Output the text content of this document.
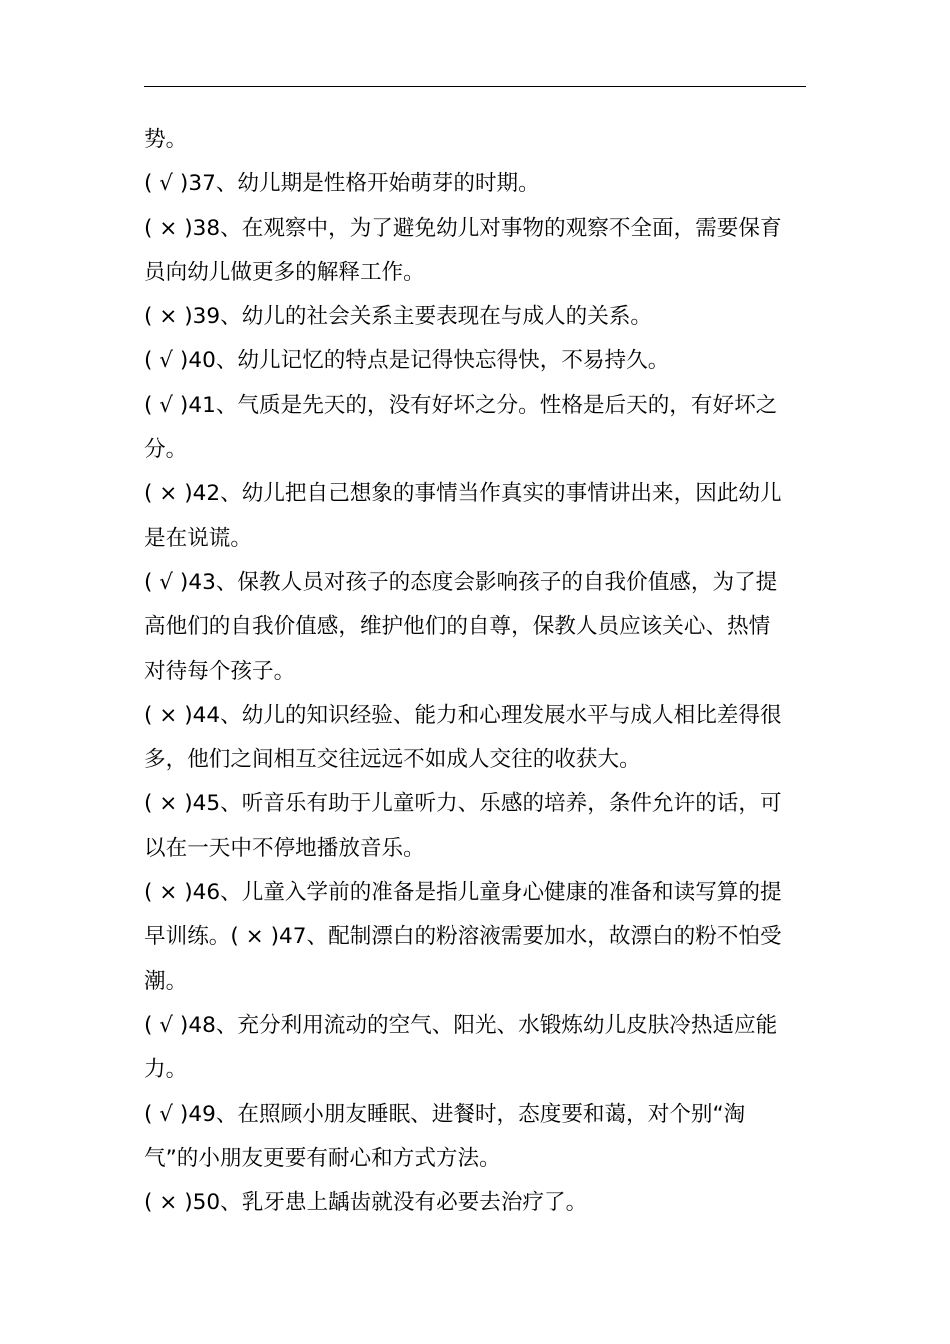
势。
( √ )37、幼儿期是性格开始萌芽的时期。
( × )38、在观察中，为了避免幼儿对事物的观察不全面，需要保育
员向幼儿做更多的解释工作。
( × )39、幼儿的社会关系主要表现在与成人的关系。
( √ )40、幼儿记忆的特点是记得快忘得快，不易持久。
( √ )41、气质是先天的，没有好坏之分。性格是后天的，有好坏之
分。
( × )42、幼儿把自己想象的事情当作真实的事情讲出来，因此幼儿
是在说谎。
( √ )43、保教人员对孩子的态度会影响孩子的自我价值感，为了提
高他们的自我价值感，维护他们的自尊，保教人员应该关心、热情
对待每个孩子。
( × )44、幼儿的知识经验、能力和心理发展水平与成人相比差得很
多，他们之间相互交往远远不如成人交往的收获大。
( × )45、听音乐有助于儿童听力、乐感的培养，条件允许的话，可
以在一天中不停地播放音乐。
( × )46、儿童入学前的准备是指儿童身心健康的准备和读写算的提
早训练。( × )47、配制漂白的粉溶液需要加水，故漂白的粉不怕受
潮。
( √ )48、充分利用流动的空气、阳光、水锻炼幼儿皮肤冷热适应能
力。
( √ )49、在照顾小朋友睡眠、进餐时，态度要和蔼，对个别“淘
气”的小朋友更要有耐心和方式方法。
( × )50、乳牙患上龋齿就没有必要去治疗了。
